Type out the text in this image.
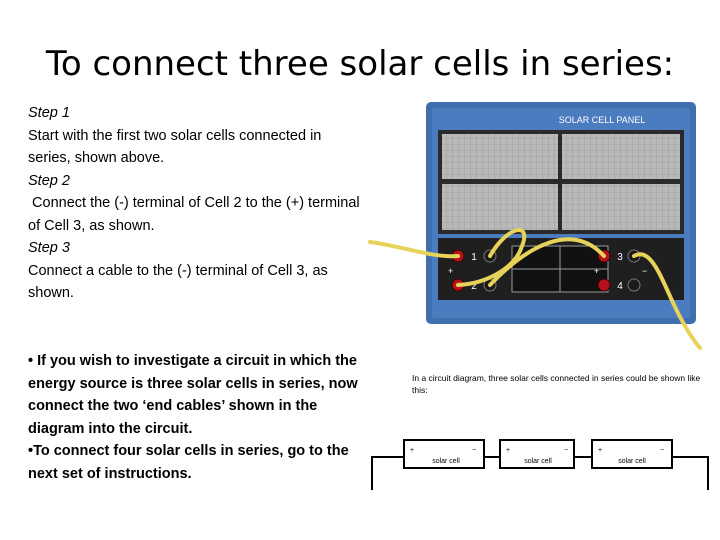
To connect three solar cells in series:
Step 1
Start with the first two solar cells connected in series, shown above.
Step 2
Connect the (-) terminal of Cell 2 to the (+) terminal of Cell 3, as shown.
Step 3
Connect a cable to the (-) terminal of Cell 3, as shown.
• If you wish to investigate a circuit in which the energy source is three solar cells in series, now connect the two ‘end cables’ shown in the diagram into the circuit.
•To connect four solar cells in series, go to the next set of instructions.
SOLAR CELL PANEL
1	3
2	4
+	−	+	−
In a circuit diagram, three solar cells connected in series could be shown like this:
+	−	+	−	+	−
solar cell	solar cell	solar cell
